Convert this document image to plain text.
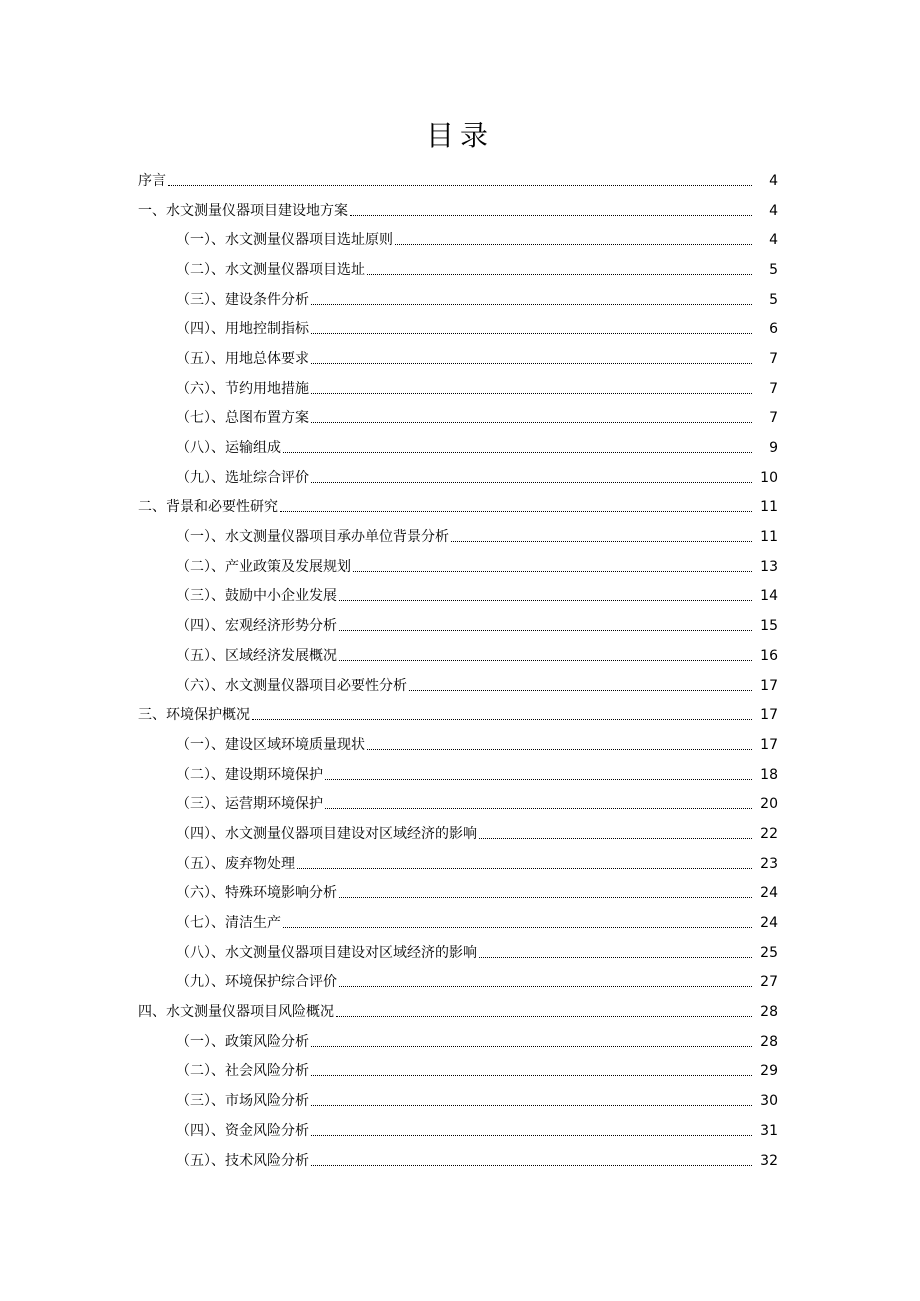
目录
序言	4
一、水文测量仪器项目建设地方案	4
（一）、水文测量仪器项目选址原则	4
（二）、水文测量仪器项目选址	5
（三）、建设条件分析	5
（四）、用地控制指标	6
（五）、用地总体要求	7
（六）、节约用地措施	7
（七）、总图布置方案	7
（八）、运输组成	9
（九）、选址综合评价	10
二、背景和必要性研究	11
（一）、水文测量仪器项目承办单位背景分析	11
（二）、产业政策及发展规划	13
（三）、鼓励中小企业发展	14
（四）、宏观经济形势分析	15
（五）、区域经济发展概况	16
（六）、水文测量仪器项目必要性分析	17
三、环境保护概况	17
（一）、建设区域环境质量现状	17
（二）、建设期环境保护	18
（三）、运营期环境保护	20
（四）、水文测量仪器项目建设对区域经济的影响	22
（五）、废弃物处理	23
（六）、特殊环境影响分析	24
（七）、清洁生产	24
（八）、水文测量仪器项目建设对区域经济的影响	25
（九）、环境保护综合评价	27
四、水文测量仪器项目风险概况	28
（一）、政策风险分析	28
（二）、社会风险分析	29
（三）、市场风险分析	30
（四）、资金风险分析	31
（五）、技术风险分析	32
